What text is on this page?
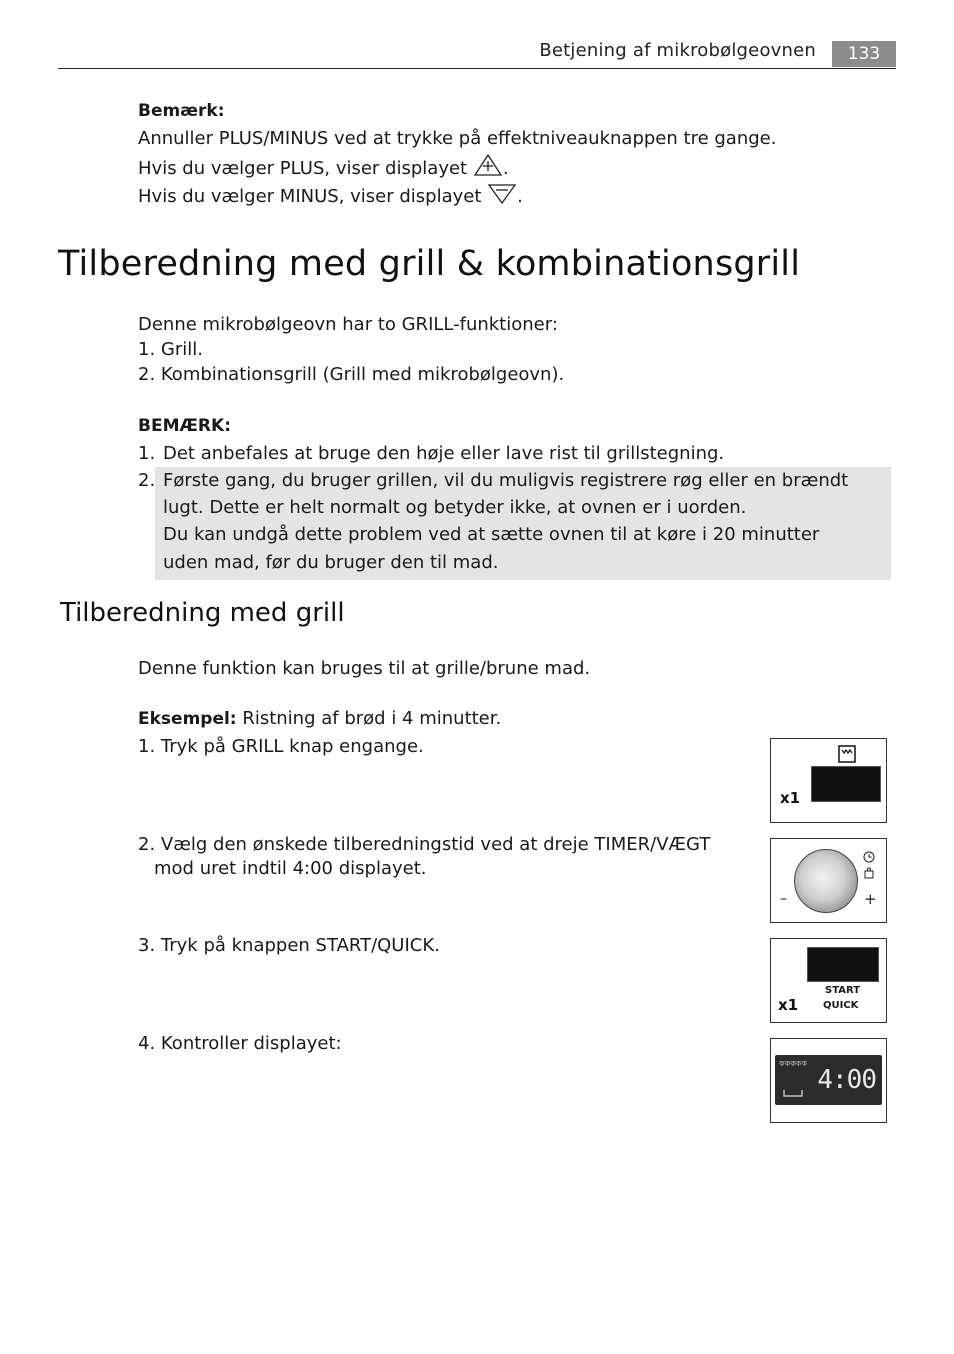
Betjening af mikrobølgeovnen	133
Bemærk:
Annuller PLUS/MINUS ved at trykke på effektniveauknappen tre gange.
Hvis du vælger PLUS, viser displayet .
Hvis du vælger MINUS, viser displayet .
Tilberedning med grill & kombinationsgrill
Denne mikrobølgeovn har to GRILL-funktioner:
1. Grill.
2. Kombinationsgrill (Grill med mikrobølgeovn).
BEMÆRK:
1. Det anbefales at bruge den høje eller lave rist til grillstegning.
2. Første gang, du bruger grillen, vil du muligvis registrere røg eller en brændt
lugt. Dette er helt normalt og betyder ikke, at ovnen er i uorden.
Du kan undgå dette problem ved at sætte ovnen til at køre i 20 minutter
uden mad, før du bruger den til mad.
Tilberedning med grill
Denne funktion kan bruges til at grille/brune mad.
Eksempel: Ristning af brød i 4 minutter.
1. Tryk på GRILL knap engange.
2. Vælg den ønskede tilberedningstid ved at dreje TIMER/VÆGT
mod uret indtil 4:00 displayet.
3. Tryk på knappen START/QUICK.
4. Kontroller displayet:
x1
–	+
x1
START
QUICK
ককককক
4:00
